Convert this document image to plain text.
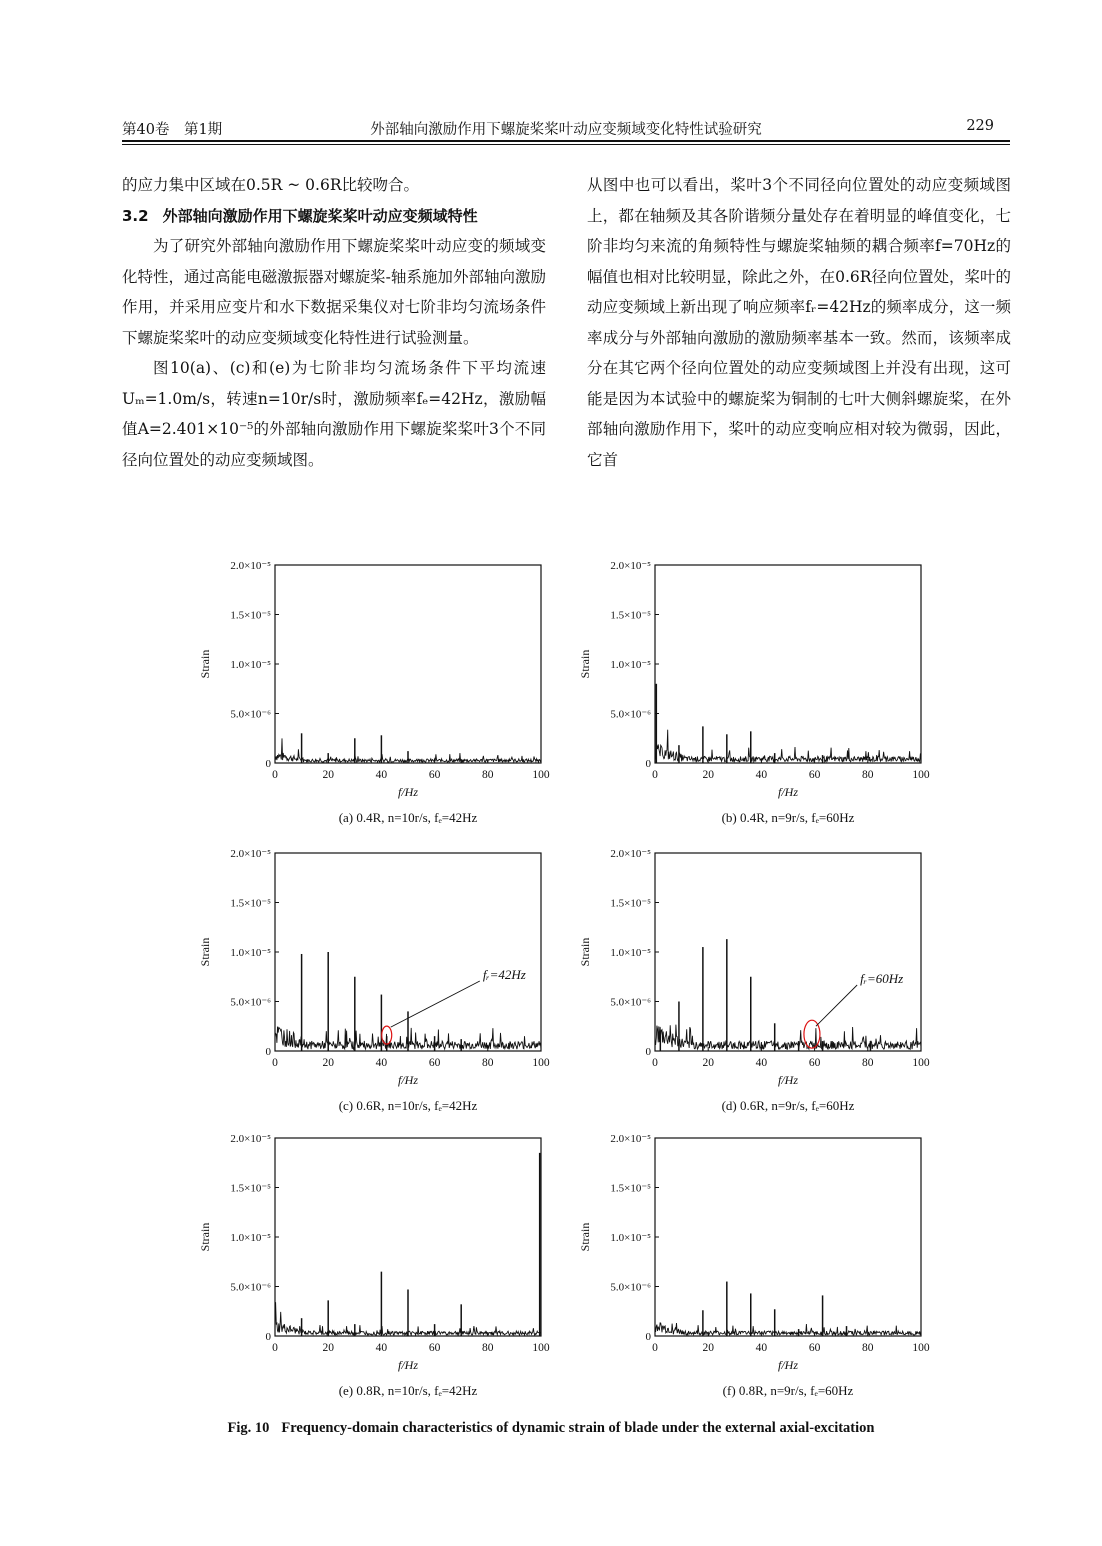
第40卷　第1期	外部轴向激励作用下螺旋桨桨叶动应变频域变化特性试验研究	229

的应力集中区域在0.5R ~ 0.6R比较吻合。

3.2 外部轴向激励作用下螺旋桨桨叶动应变频域特性

为了研究外部轴向激励作用下螺旋桨桨叶动应变的频域变化特性，通过高能电磁激振器对螺旋桨-轴系施加外部轴向激励作用，并采用应变片和水下数据采集仪对七阶非均匀流场条件下螺旋桨桨叶的动应变频域变化特性进行试验测量。

图10(a)、(c)和(e)为七阶非均匀流场条件下平均流速Uₘ=1.0m/s，转速n=10r/s时，激励频率fₑ=42Hz，激励幅值A=2.401×10⁻⁵的外部轴向激励作用下螺旋桨桨叶3个不同径向位置处的动应变频域图。

从图中也可以看出，桨叶3个不同径向位置处的动应变频域图上，都在轴频及其各阶谐频分量处存在着明显的峰值变化，七阶非均匀来流的角频特性与螺旋桨轴频的耦合频率f=70Hz的幅值也相对比较明显，除此之外，在0.6R径向位置处，桨叶的动应变频域上新出现了响应频率fᵣ=42Hz的频率成分，这一频率成分与外部轴向激励的激励频率基本一致。然而，该频率成分在其它两个径向位置处的动应变频域图上并没有出现，这可能是因为本试验中的螺旋桨为铜制的七叶大侧斜螺旋桨，在外部轴向激励作用下，桨叶的动应变响应相对较为微弱，因此，它首

0	20	40	60	80	100
0
5.0×10⁻⁶
1.0×10⁻⁵
1.5×10⁻⁵
2.0×10⁻⁵
f/Hz
Strain
(a) 0.4R, n=10r/s, fₑ=42Hz
0	20	40	60	80	100
0
5.0×10⁻⁶
1.0×10⁻⁵
1.5×10⁻⁵
2.0×10⁻⁵
f/Hz
Strain
(b) 0.4R, n=9r/s, fₑ=60Hz
0	20	40	60	80	100
0
5.0×10⁻⁶
1.0×10⁻⁵
1.5×10⁻⁵
2.0×10⁻⁵
f/Hz
Strain
(c) 0.6R, n=10r/s, fₑ=42Hz
fᵣ=42Hz
0	20	40	60	80	100
0
5.0×10⁻⁶
1.0×10⁻⁵
1.5×10⁻⁵
2.0×10⁻⁵
f/Hz
Strain
(d) 0.6R, n=9r/s, fₑ=60Hz
fᵣ=60Hz
0	20	40	60	80	100
0
5.0×10⁻⁶
1.0×10⁻⁵
1.5×10⁻⁵
2.0×10⁻⁵
f/Hz
Strain
(e) 0.8R, n=10r/s, fₑ=42Hz
0	20	40	60	80	100
0
5.0×10⁻⁶
1.0×10⁻⁵
1.5×10⁻⁵
2.0×10⁻⁵
f/Hz
Strain
(f) 0.8R, n=9r/s, fₑ=60Hz
Fig. 10 Frequency-domain characteristics of dynamic strain of blade under the external axial-excitation
